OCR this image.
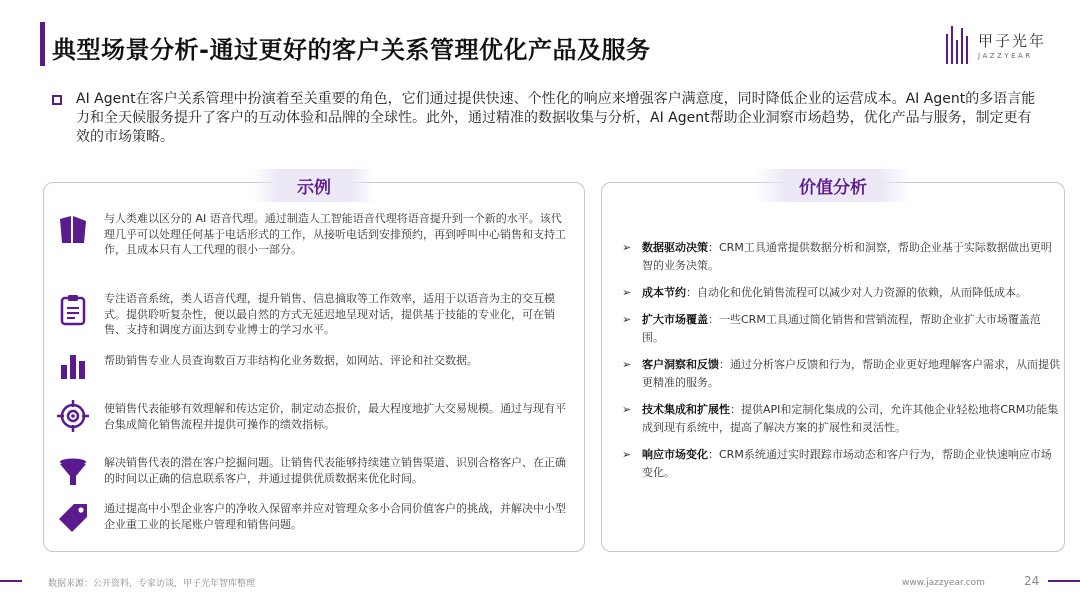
典型场景分析-通过更好的客户关系管理优化产品及服务	甲子光年
JAZZYEAR

AI Agent在客户关系管理中扮演着至关重要的角色，它们通过提供快速、个性化的响应来增强客户满意度，同时降低企业的运营成本。AI Agent的多语言能力和全天候服务提升了客户的互动体验和品牌的全球性。此外，通过精准的数据收集与分析，AI Agent帮助企业洞察市场趋势，优化产品与服务，制定更有效的市场策略。

示例
与人类难以区分的 AI 语音代理。通过制造人工智能语音代理将语音提升到一个新的水平。该代理几乎可以处理任何基于电话形式的工作，从接听电话到安排预约，再到呼叫中心销售和支持工作，且成本只有人工代理的很小一部分。
专注语音系统，类人语音代理，提升销售、信息摘取等工作效率，适用于以语音为主的交互模式。提供聆听复杂性，便以最自然的方式无延迟地呈现对话，提供基于技能的专业化，可在销售、支持和调度方面达到专业博士的学习水平。
帮助销售专业人员查询数百万非结构化业务数据，如网站、评论和社交数据。
使销售代表能够有效理解和传达定价，制定动态报价，最大程度地扩大交易规模。通过与现有平台集成简化销售流程并提供可操作的绩效指标。
解决销售代表的潜在客户挖掘问题。让销售代表能够持续建立销售渠道、识别合格客户、在正确的时间以正确的信息联系客户，并通过提供优质数据来优化时间。
通过提高中小型企业客户的净收入保留率并应对管理众多小合同价值客户的挑战，并解决中小型企业重工业的长尾账户管理和销售问题。
价值分析
➢ 数据驱动决策：CRM工具通常提供数据分析和洞察，帮助企业基于实际数据做出更明智的业务决策。
➢ 成本节约：自动化和优化销售流程可以减少对人力资源的依赖，从而降低成本。
➢ 扩大市场覆盖：一些CRM工具通过简化销售和营销流程，帮助企业扩大市场覆盖范围。
➢ 客户洞察和反馈：通过分析客户反馈和行为，帮助企业更好地理解客户需求，从而提供更精准的服务。
➢ 技术集成和扩展性：提供API和定制化集成的公司，允许其他企业轻松地将CRM功能集成到现有系统中，提高了解决方案的扩展性和灵活性。
➢ 响应市场变化：CRM系统通过实时跟踪市场动态和客户行为，帮助企业快速响应市场变化。
数据来源：公开资料，专家访谈，甲子光年智库整理	www.jazzyear.com	24
